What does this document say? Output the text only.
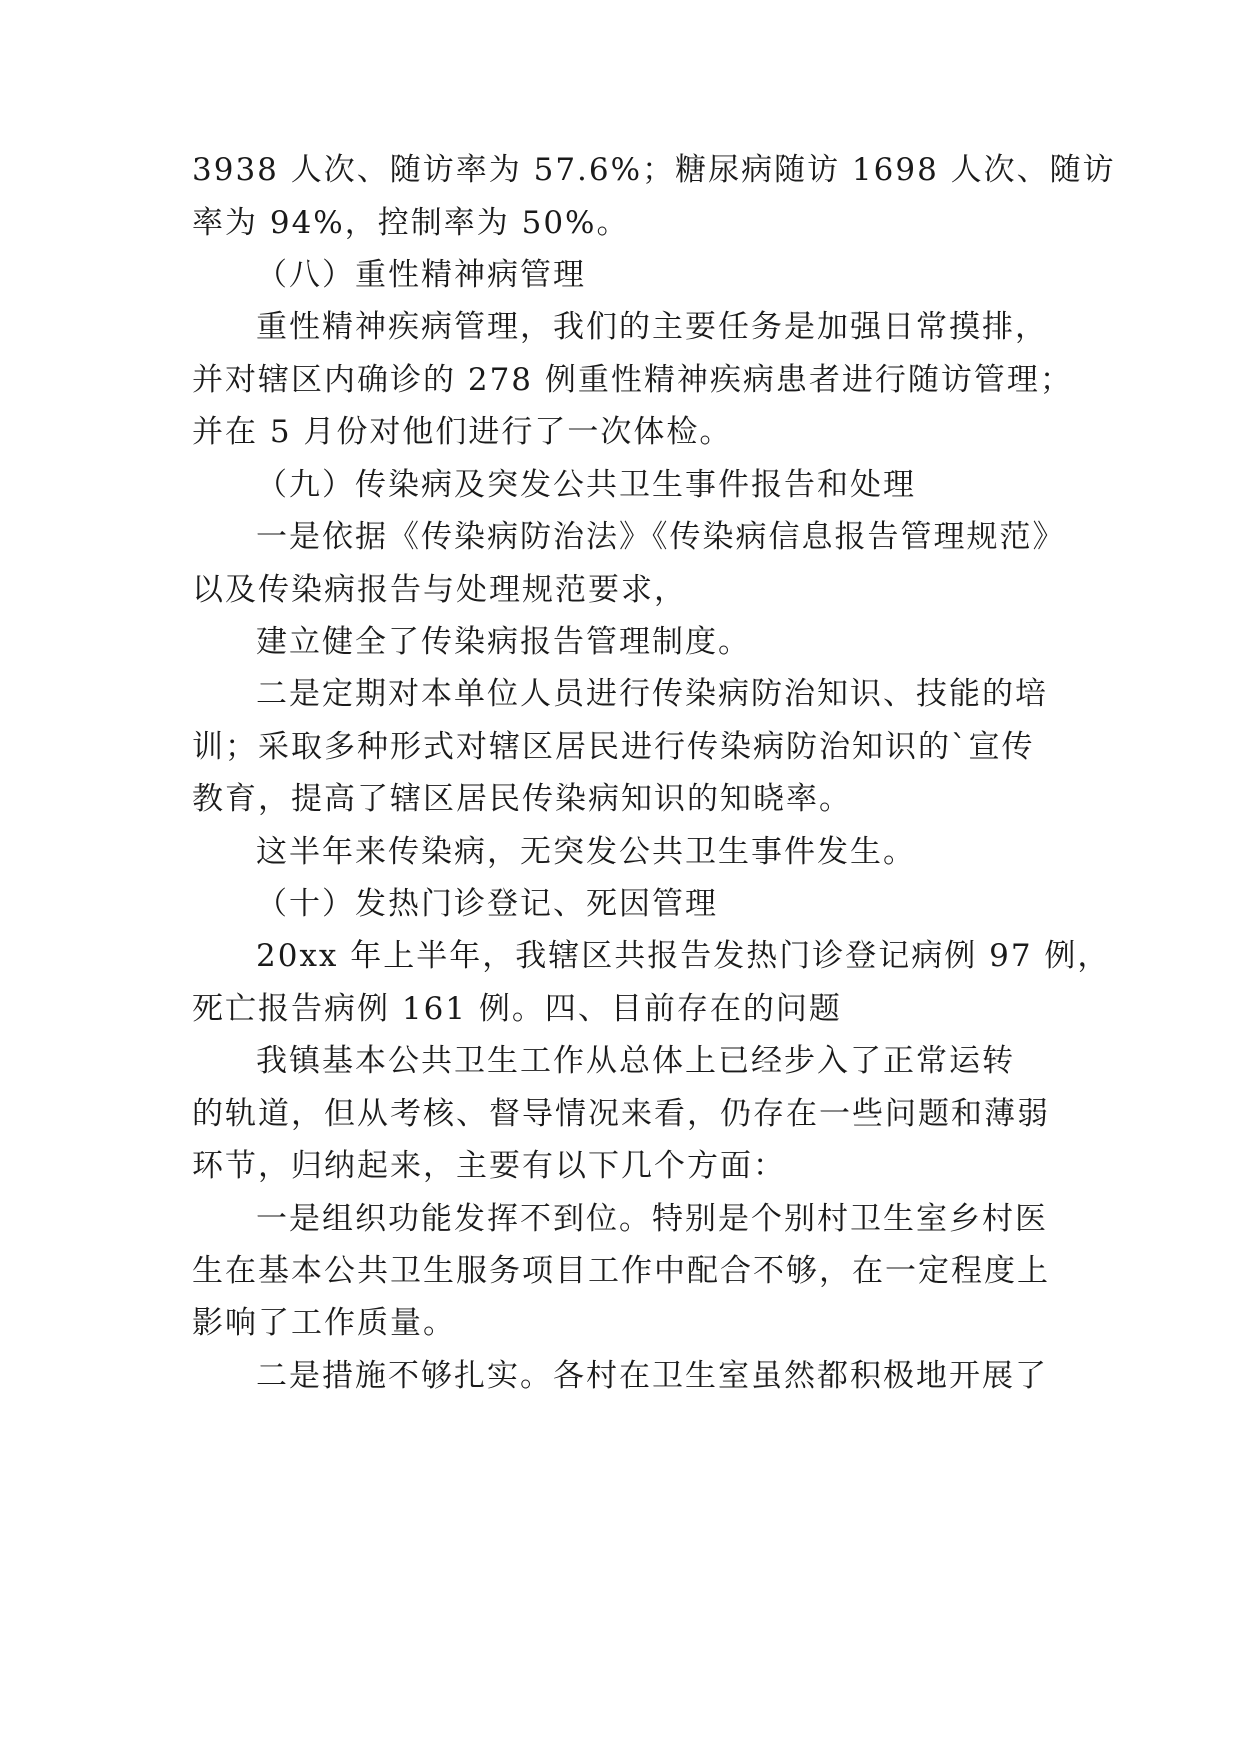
3938 人次、随访率为 57.6%；糖尿病随访 1698 人次、随访
率为 94%，控制率为 50%。
（八）重性精神病管理
重性精神疾病管理，我们的主要任务是加强日常摸排，
并对辖区内确诊的 278 例重性精神疾病患者进行随访管理；
并在 5 月份对他们进行了一次体检。
（九）传染病及突发公共卫生事件报告和处理
一是依据《传染病防治法》《传染病信息报告管理规范》
以及传染病报告与处理规范要求，
建立健全了传染病报告管理制度。
二是定期对本单位人员进行传染病防治知识、技能的培
训；采取多种形式对辖区居民进行传染病防治知识的`宣传
教育，提高了辖区居民传染病知识的知晓率。
这半年来传染病，无突发公共卫生事件发生。
（十）发热门诊登记、死因管理
20xx 年上半年，我辖区共报告发热门诊登记病例 97 例，
死亡报告病例 161 例。四、目前存在的问题
我镇基本公共卫生工作从总体上已经步入了正常运转
的轨道，但从考核、督导情况来看，仍存在一些问题和薄弱
环节，归纳起来，主要有以下几个方面：
一是组织功能发挥不到位。特别是个别村卫生室乡村医
生在基本公共卫生服务项目工作中配合不够，在一定程度上
影响了工作质量。
二是措施不够扎实。各村在卫生室虽然都积极地开展了
